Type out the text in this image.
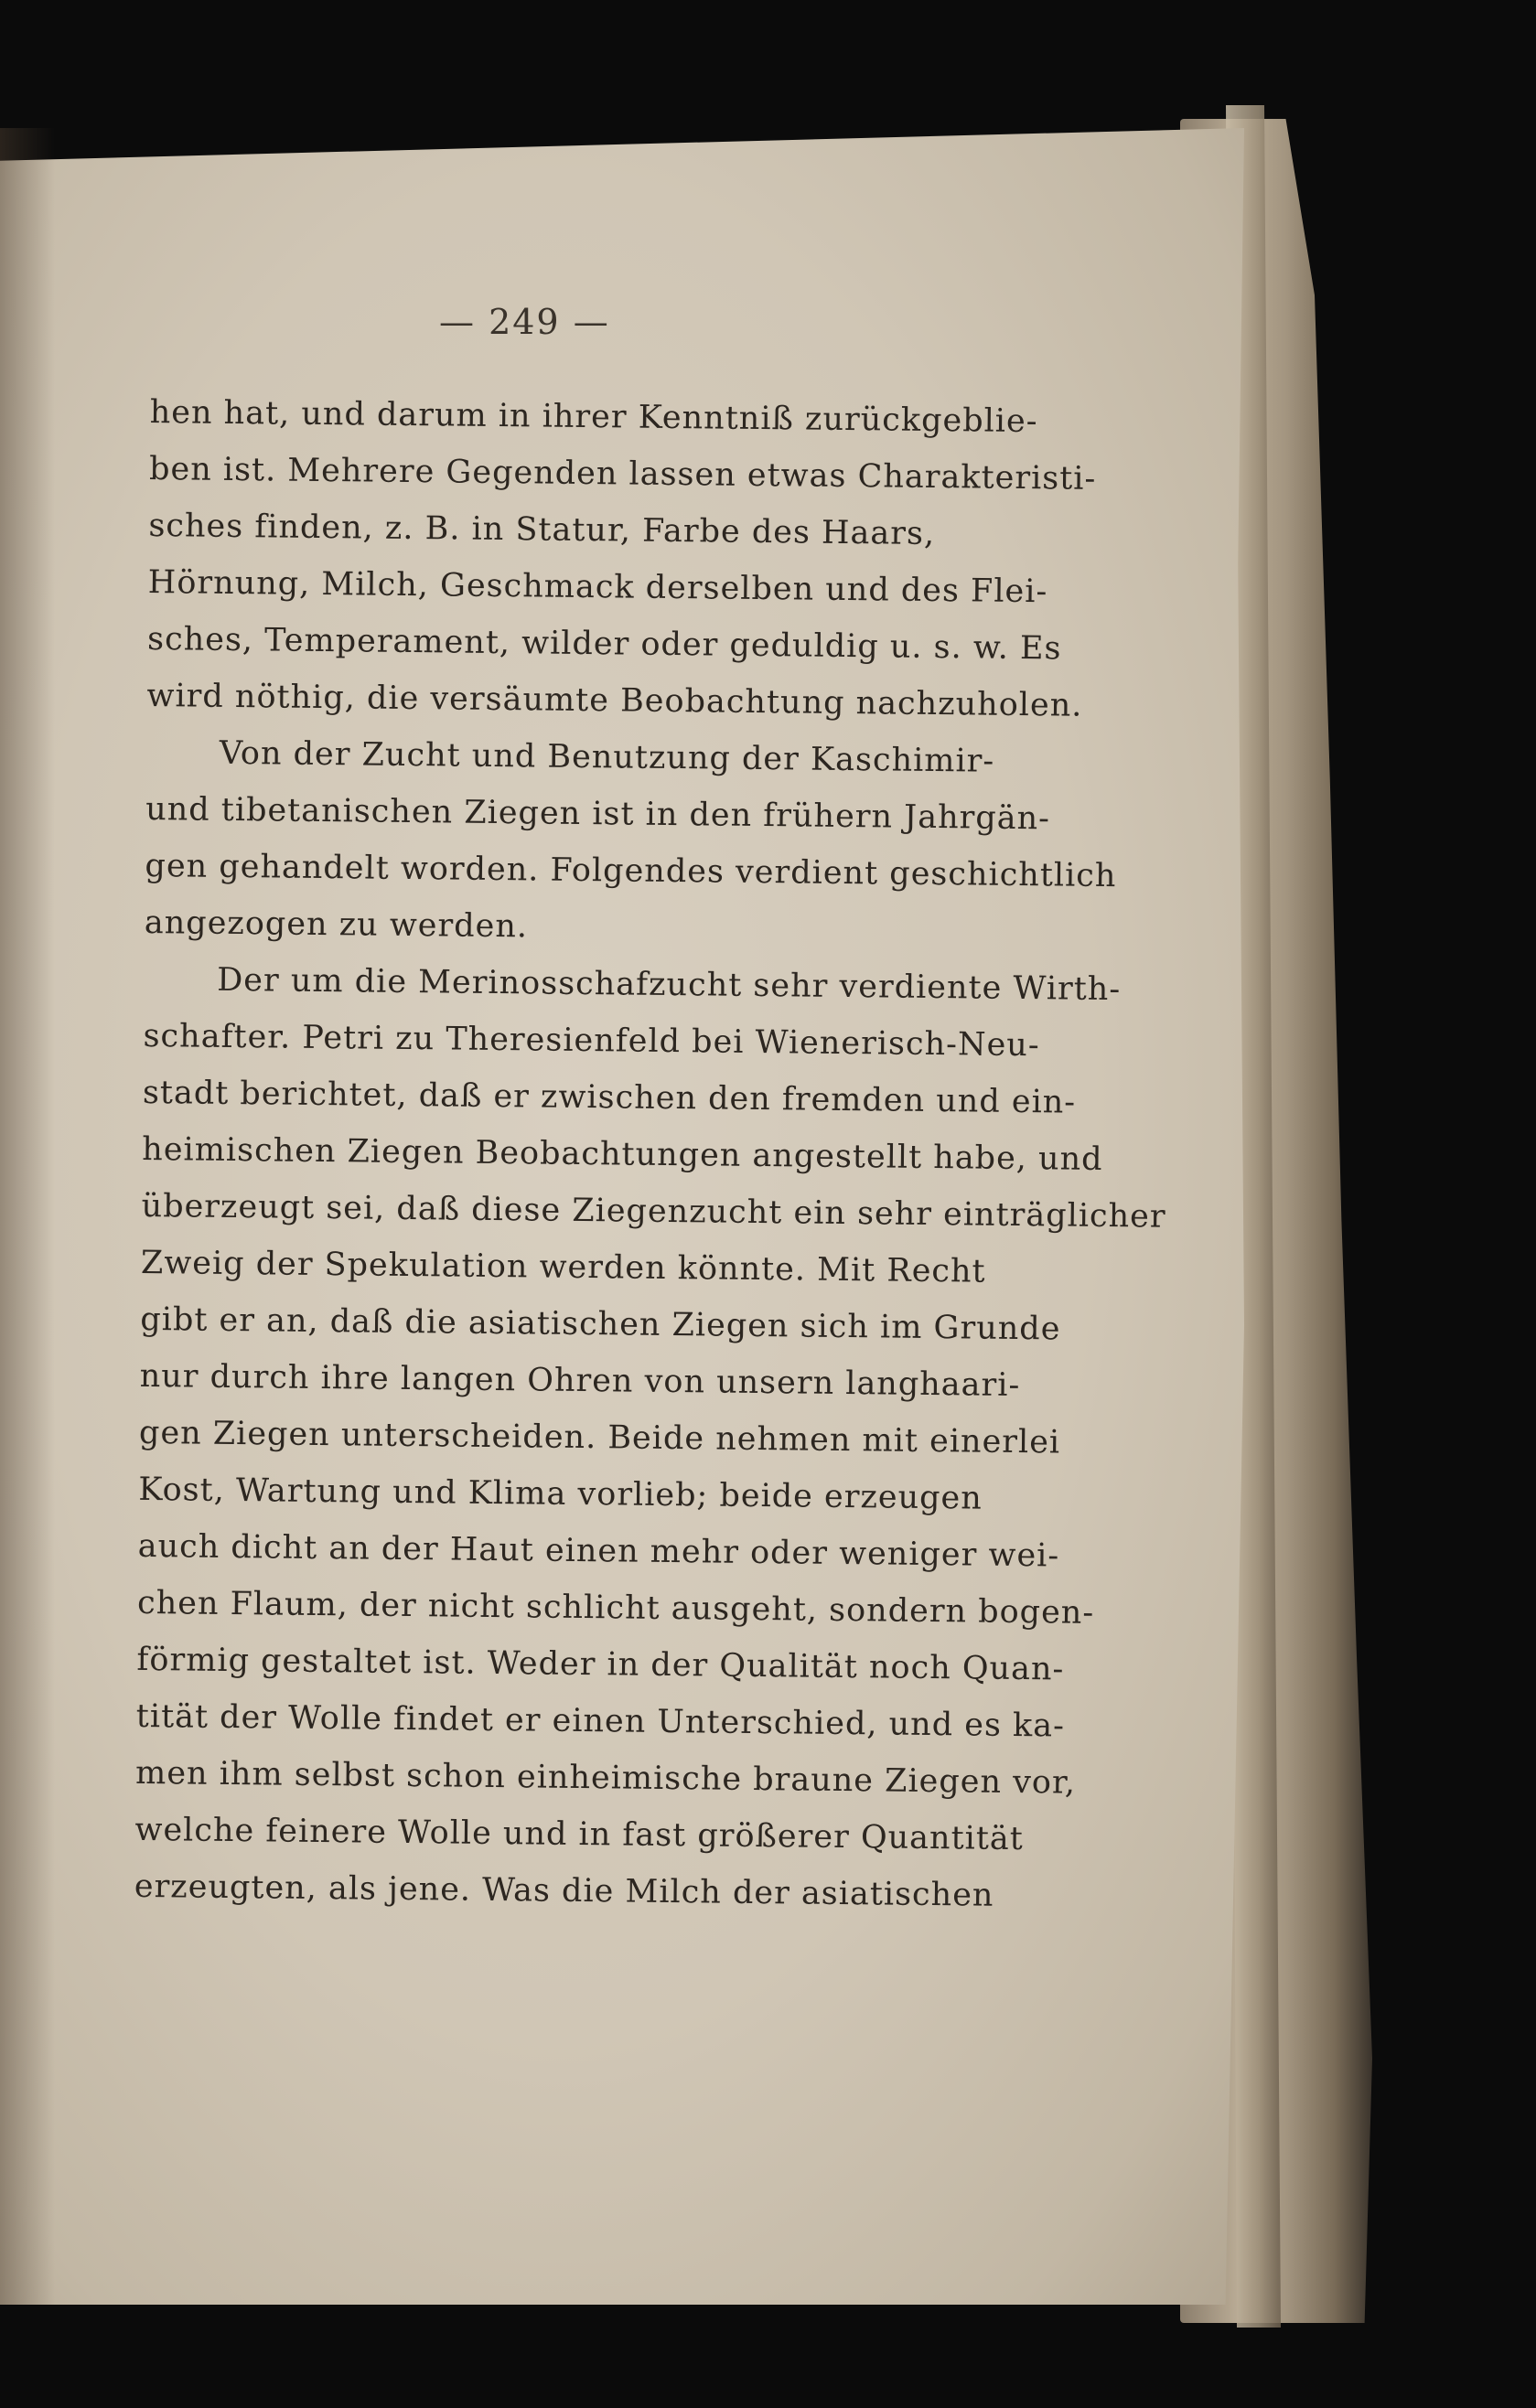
— 249 —
hen hat, und darum in ihrer Kenntniß zurückgeblie-
ben ist. Mehrere Gegenden lassen etwas Charakteristi-
sches finden, z. B. in Statur, Farbe des Haars,
Hörnung, Milch, Geschmack derselben und des Flei-
sches, Temperament, wilder oder geduldig u. s. w. Es
wird nöthig, die versäumte Beobachtung nachzuholen.
Von der Zucht und Benutzung der Kaschimir-
und tibetanischen Ziegen ist in den frühern Jahrgän-
gen gehandelt worden. Folgendes verdient geschichtlich
angezogen zu werden.
Der um die Merinosschafzucht sehr verdiente Wirth-
schafter. Petri zu Theresienfeld bei Wienerisch-Neu-
stadt berichtet, daß er zwischen den fremden und ein-
heimischen Ziegen Beobachtungen angestellt habe, und
überzeugt sei, daß diese Ziegenzucht ein sehr einträglicher
Zweig der Spekulation werden könnte. Mit Recht
gibt er an, daß die asiatischen Ziegen sich im Grunde
nur durch ihre langen Ohren von unsern langhaari-
gen Ziegen unterscheiden. Beide nehmen mit einerlei
Kost, Wartung und Klima vorlieb; beide erzeugen
auch dicht an der Haut einen mehr oder weniger wei-
chen Flaum, der nicht schlicht ausgeht, sondern bogen-
förmig gestaltet ist. Weder in der Qualität noch Quan-
tität der Wolle findet er einen Unterschied, und es ka-
men ihm selbst schon einheimische braune Ziegen vor,
welche feinere Wolle und in fast größerer Quantität
erzeugten, als jene. Was die Milch der asiatischen
